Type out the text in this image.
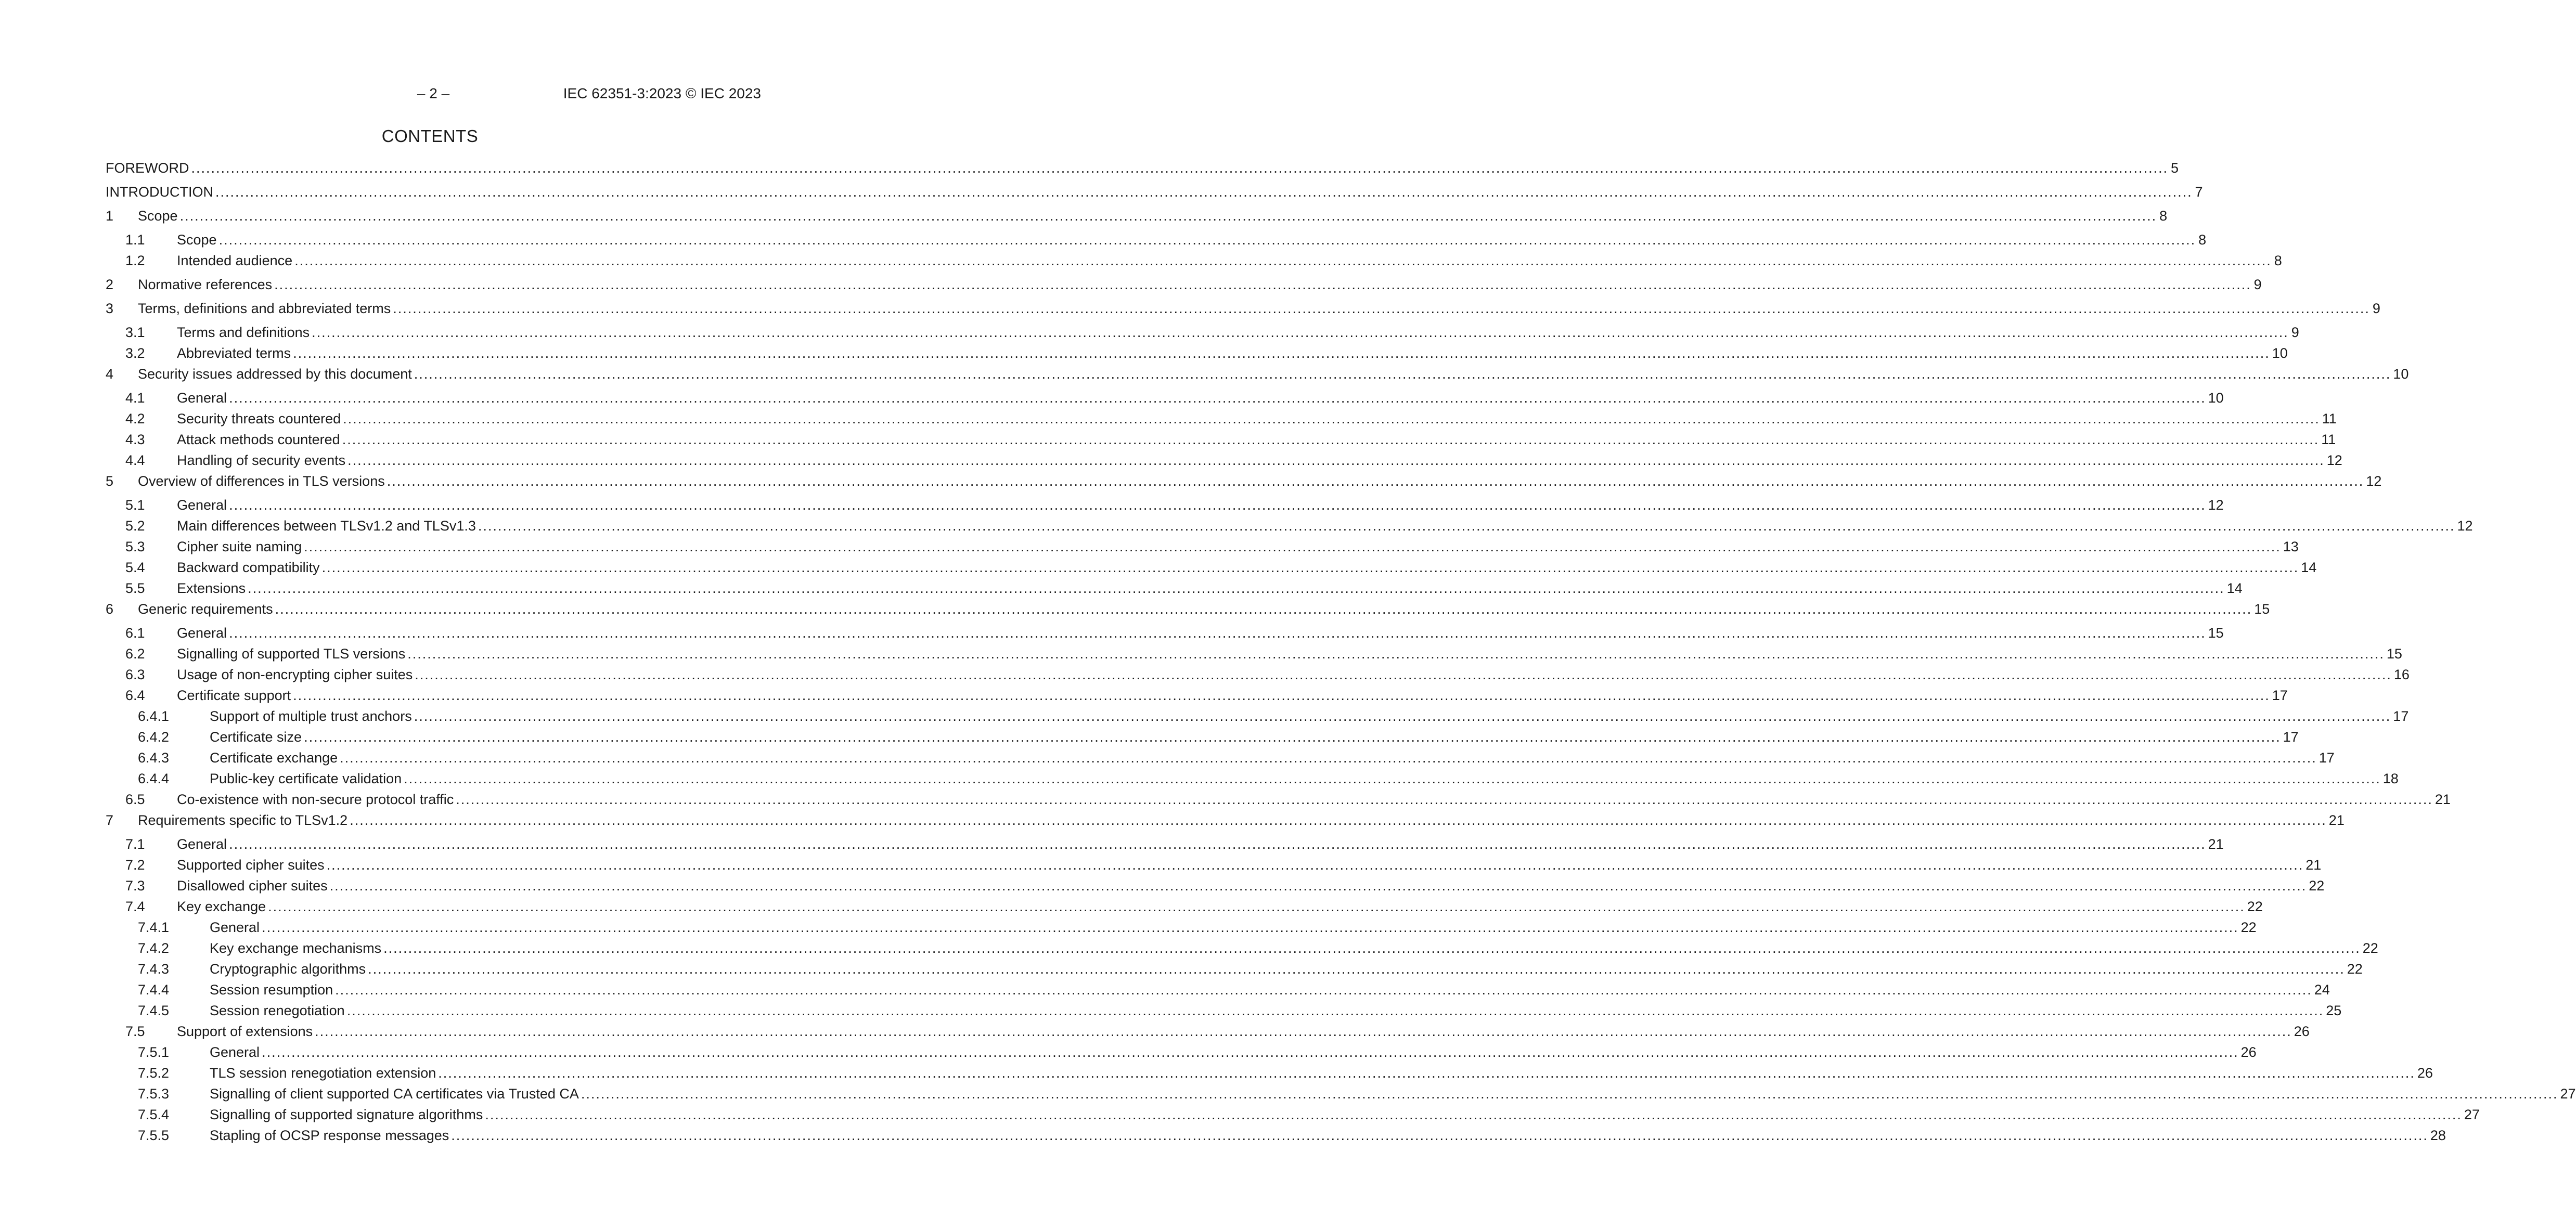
– 2 –	IEC 62351-3:2023 © IEC 2023
CONTENTS
FOREWORD ................................................................................................................................................................................................................................................................................................................................................................................................................ 5
INTRODUCTION ................................................................................................................................................................................................................................................................................................................................................................................................................ 7
1 Scope ................................................................................................................................................................................................................................................................................................................................................................................................................ 8
1.1 Scope ................................................................................................................................................................................................................................................................................................................................................................................................................ 8
1.2 Intended audience ................................................................................................................................................................................................................................................................................................................................................................................................................ 8
2 Normative references ................................................................................................................................................................................................................................................................................................................................................................................................................ 9
3 Terms, definitions and abbreviated terms ................................................................................................................................................................................................................................................................................................................................................................................................................ 9
3.1 Terms and definitions ................................................................................................................................................................................................................................................................................................................................................................................................................ 9
3.2 Abbreviated terms ................................................................................................................................................................................................................................................................................................................................................................................................................ 10
4 Security issues addressed by this document ................................................................................................................................................................................................................................................................................................................................................................................................................ 10
4.1 General ................................................................................................................................................................................................................................................................................................................................................................................................................ 10
4.2 Security threats countered ................................................................................................................................................................................................................................................................................................................................................................................................................ 11
4.3 Attack methods countered ................................................................................................................................................................................................................................................................................................................................................................................................................ 11
4.4 Handling of security events ................................................................................................................................................................................................................................................................................................................................................................................................................ 12
5 Overview of differences in TLS versions ................................................................................................................................................................................................................................................................................................................................................................................................................ 12
5.1 General ................................................................................................................................................................................................................................................................................................................................................................................................................ 12
5.2 Main differences between TLSv1.2 and TLSv1.3 ................................................................................................................................................................................................................................................................................................................................................................................................................ 12
5.3 Cipher suite naming ................................................................................................................................................................................................................................................................................................................................................................................................................ 13
5.4 Backward compatibility ................................................................................................................................................................................................................................................................................................................................................................................................................ 14
5.5 Extensions ................................................................................................................................................................................................................................................................................................................................................................................................................ 14
6 Generic requirements ................................................................................................................................................................................................................................................................................................................................................................................................................ 15
6.1 General ................................................................................................................................................................................................................................................................................................................................................................................................................ 15
6.2 Signalling of supported TLS versions ................................................................................................................................................................................................................................................................................................................................................................................................................ 15
6.3 Usage of non-encrypting cipher suites ................................................................................................................................................................................................................................................................................................................................................................................................................ 16
6.4 Certificate support ................................................................................................................................................................................................................................................................................................................................................................................................................ 17
6.4.1	Support of multiple trust anchors ................................................................................................................................................................................................................................................................................................................................................................................................................ 17
6.4.2	Certificate size ................................................................................................................................................................................................................................................................................................................................................................................................................ 17
6.4.3	Certificate exchange ................................................................................................................................................................................................................................................................................................................................................................................................................ 17
6.4.4	Public-key certificate validation ................................................................................................................................................................................................................................................................................................................................................................................................................ 18
6.5 Co-existence with non-secure protocol traffic ................................................................................................................................................................................................................................................................................................................................................................................................................ 21
7 Requirements specific to TLSv1.2 ................................................................................................................................................................................................................................................................................................................................................................................................................ 21
7.1 General ................................................................................................................................................................................................................................................................................................................................................................................................................ 21
7.2 Supported cipher suites ................................................................................................................................................................................................................................................................................................................................................................................................................ 21
7.3 Disallowed cipher suites ................................................................................................................................................................................................................................................................................................................................................................................................................ 22
7.4 Key exchange ................................................................................................................................................................................................................................................................................................................................................................................................................ 22
7.4.1	General ................................................................................................................................................................................................................................................................................................................................................................................................................ 22
7.4.2	Key exchange mechanisms ................................................................................................................................................................................................................................................................................................................................................................................................................ 22
7.4.3	Cryptographic algorithms ................................................................................................................................................................................................................................................................................................................................................................................................................ 22
7.4.4	Session resumption ................................................................................................................................................................................................................................................................................................................................................................................................................ 24
7.4.5	Session renegotiation ................................................................................................................................................................................................................................................................................................................................................................................................................ 25
7.5 Support of extensions ................................................................................................................................................................................................................................................................................................................................................................................................................ 26
7.5.1	General ................................................................................................................................................................................................................................................................................................................................................................................................................ 26
7.5.2	TLS session renegotiation extension ................................................................................................................................................................................................................................................................................................................................................................................................................ 26
7.5.3	Signalling of client supported CA certificates via Trusted CA ................................................................................................................................................................................................................................................................................................................................................................................................................ 27
7.5.4	Signalling of supported signature algorithms ................................................................................................................................................................................................................................................................................................................................................................................................................ 27
7.5.5	Stapling of OCSP response messages ................................................................................................................................................................................................................................................................................................................................................................................................................ 28
